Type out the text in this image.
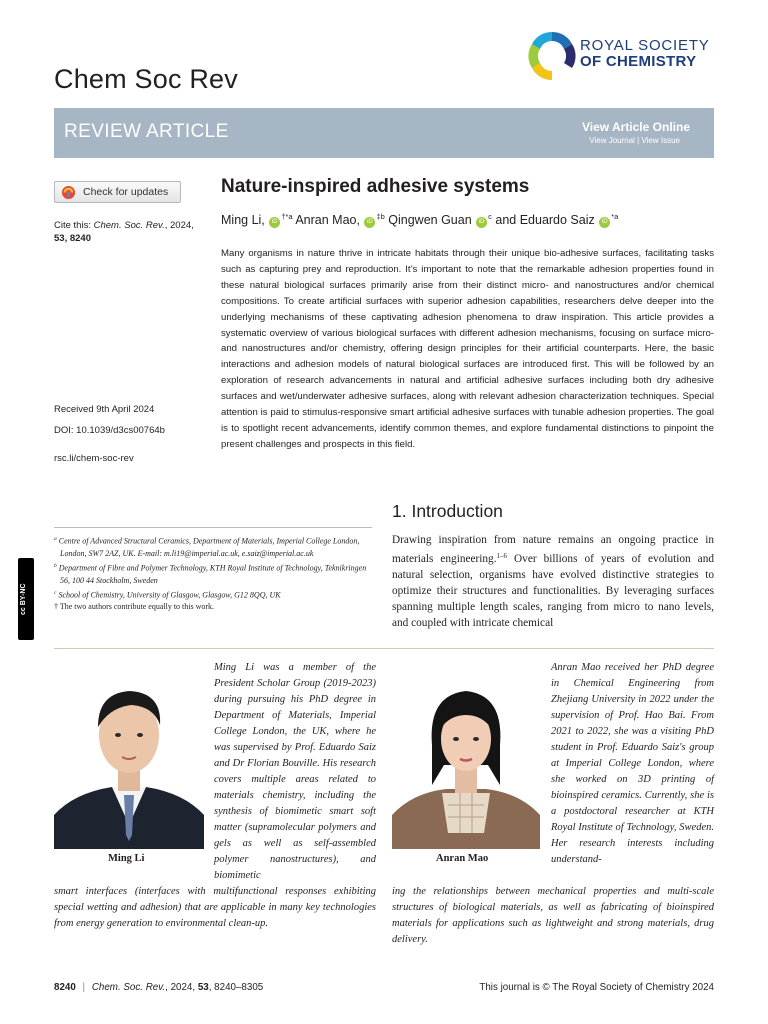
Chem Soc Rev
ROYAL SOCIETY
OF CHEMISTRY
REVIEW ARTICLE	View Article Online
View Journal | View Issue
Check for updates
Cite this: Chem. Soc. Rev., 2024,
53, 8240
Received 9th April 2024
DOI: 10.1039/d3cs00764b
rsc.li/chem-soc-rev
Nature-inspired adhesive systems
Ming Li, $iD^{\dagger*a}$ Anran Mao, $iD^{\ddagger b}$ Qingwen Guan $iD^c$ and Eduardo Saiz $iD^{*a}$
Many organisms in nature thrive in intricate habitats through their unique bio-adhesive surfaces, facilitating tasks such as capturing prey and reproduction. It’s important to note that the remarkable adhesion properties found in these natural biological surfaces primarily arise from their distinct micro- and nanostructures and/or chemical compositions. To create artificial surfaces with superior adhesion capabilities, researchers delve deeper into the underlying mechanisms of these captivating adhesion phenomena to draw inspiration. This article provides a systematic overview of various biological surfaces with different adhesion mechanisms, focusing on surface micro- and nanostructures and/or chemistry, offering design principles for their artificial counterparts. Here, the basic interactions and adhesion models of natural biological surfaces are introduced first. This will be followed by an exploration of research advancements in natural and artificial adhesive surfaces including both dry adhesive surfaces and wet/underwater adhesive surfaces, along with relevant adhesion characterization techniques. Special attention is paid to stimulus-responsive smart artificial adhesive surfaces with tunable adhesion properties. The goal is to spotlight recent advancements, identify common themes, and explore fundamental distinctions to pinpoint the present challenges and prospects in this field.
1. Introduction
Drawing inspiration from nature remains an ongoing practice in materials engineering.$^{1-6}$ Over billions of years of evolution and natural selection, organisms have evolved distinctive strategies to optimize their structures and functionalities. By leveraging surfaces spanning multiple length scales, ranging from micro to nano levels, and coupled with intricate chemical

$^a$ Centre of Advanced Structural Ceramics, Department of Materials, Imperial College London, London, SW7 2AZ, UK. E-mail: m.li19@imperial.ac.uk, e.saiz@imperial.ac.uk

$^b$ Department of Fibre and Polymer Technology, KTH Royal Institute of Technology, Teknikringen 56, 100 44 Stockholm, Sweden

$^c$ School of Chemistry, University of Glasgow, Glasgow, G12 8QQ, UK

† The two authors contribute equally to this work.

cc BY-NC
Ming Li
Ming Li was a member of the President Scholar Group (2019-2023) during pursuing his PhD degree in Department of Materials, Imperial College London, the UK, where he was supervised by Prof. Eduardo Saiz and Dr Florian Bouville. His research covers multiple areas related to materials chemistry, including the synthesis of biomimetic smart soft matter (supramolecular polymers and gels as well as self-assembled polymer nanostructures), and biomimetic
smart interfaces (interfaces with multifunctional responses exhibiting special wetting and adhesion) that are applicable in many key technologies from energy generation to environmental clean-up.
Anran Mao
Anran Mao received her PhD degree in Chemical Engineering from Zhejiang University in 2022 under the supervision of Prof. Hao Bai. From 2021 to 2022, she was a visiting PhD student in Prof. Eduardo Saiz's group at Imperial College London, where she worked on 3D printing of bioinspired ceramics. Currently, she is a postdoctoral researcher at KTH Royal Institute of Technology, Sweden. Her research interests including understand-
ing the relationships between mechanical properties and multi-scale structures of biological materials, as well as fabricating of bioinspired materials for applications such as lightweight and strong materials, drug delivery.
8240 | Chem. Soc. Rev., 2024, 53, 8240–8305	This journal is © The Royal Society of Chemistry 2024
